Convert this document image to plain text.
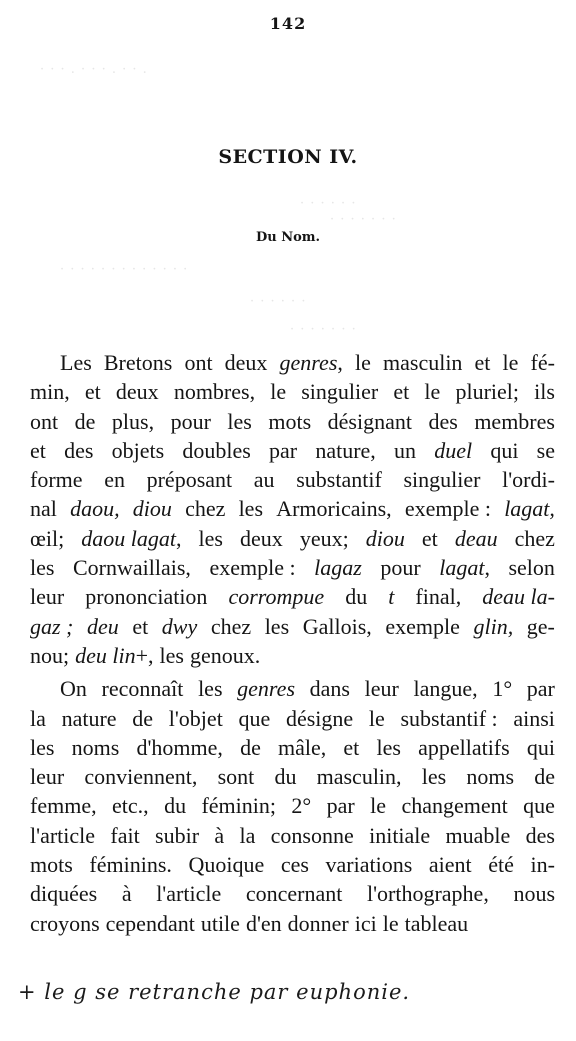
· · · . · · · . · · .
· · · · · ·
· · · · · · ·
· · · · · · · · · · · · ·
· · · · · ·
· · · · · · ·
142
SECTION IV.
Du Nom.
Les Bretons ont deux genres, le masculin et le fé-
min, et deux nombres, le singulier et le pluriel; ils
ont de plus, pour les mots désignant des membres
et des objets doubles par nature, un duel qui se
forme en préposant au substantif singulier l'ordi-
nal daou, diou chez les Armoricains, exemple : lagat,
œil; daou lagat, les deux yeux; diou et deau chez
les Cornwaillais, exemple : lagaz pour lagat, selon
leur prononciation corrompue du t final, deau la-
gaz ; deu et dwy chez les Gallois, exemple glin, ge-
nou; deu lin+, les genoux.
On reconnaît les genres dans leur langue, 1° par
la nature de l'objet que désigne le substantif : ainsi
les noms d'homme, de mâle, et les appellatifs qui
leur conviennent, sont du masculin, les noms de
femme, etc., du féminin; 2° par le changement que
l'article fait subir à la consonne initiale muable des
mots féminins. Quoique ces variations aient été in-
diquées à l'article concernant l'orthographe, nous
croyons cependant utile d'en donner ici le tableau
+ le g se retranche par euphonie.
